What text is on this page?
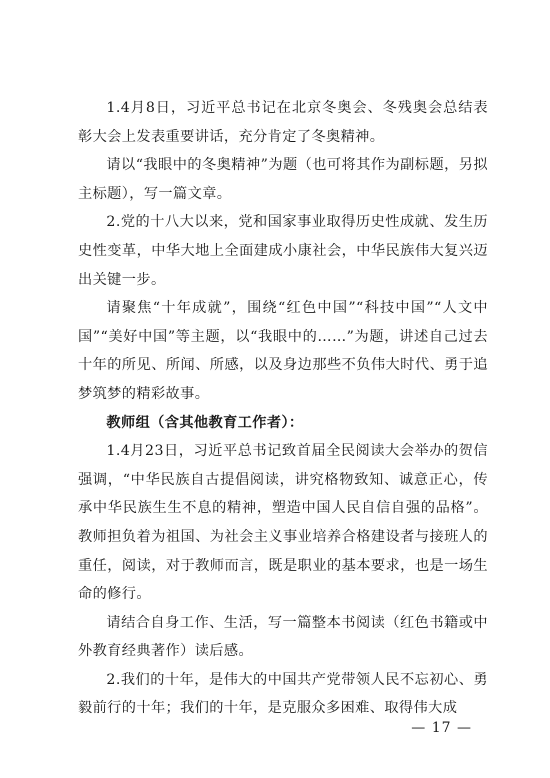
1.4月8日，习近平总书记在北京冬奥会、冬残奥会总结表彰大会上发表重要讲话，充分肯定了冬奥精神。

请以“我眼中的冬奥精神”为题（也可将其作为副标题，另拟主标题），写一篇文章。

2.党的十八大以来，党和国家事业取得历史性成就、发生历史性变革，中华大地上全面建成小康社会，中华民族伟大复兴迈出关键一步。

请聚焦“十年成就”，围绕“红色中国”“科技中国”“人文中国”“美好中国”等主题，以“我眼中的……”为题，讲述自己过去十年的所见、所闻、所感，以及身边那些不负伟大时代、勇于追梦筑梦的精彩故事。

教师组（含其他教育工作者）：

1.4月23日，习近平总书记致首届全民阅读大会举办的贺信强调，“中华民族自古提倡阅读，讲究格物致知、诚意正心，传承中华民族生生不息的精神，塑造中国人民自信自强的品格”。教师担负着为祖国、为社会主义事业培养合格建设者与接班人的重任，阅读，对于教师而言，既是职业的基本要求，也是一场生命的修行。

请结合自身工作、生活，写一篇整本书阅读（红色书籍或中外教育经典著作）读后感。

2.我们的十年，是伟大的中国共产党带领人民不忘初心、勇毅前行的十年；我们的十年，是克服众多困难、取得伟大成

— 17 —
